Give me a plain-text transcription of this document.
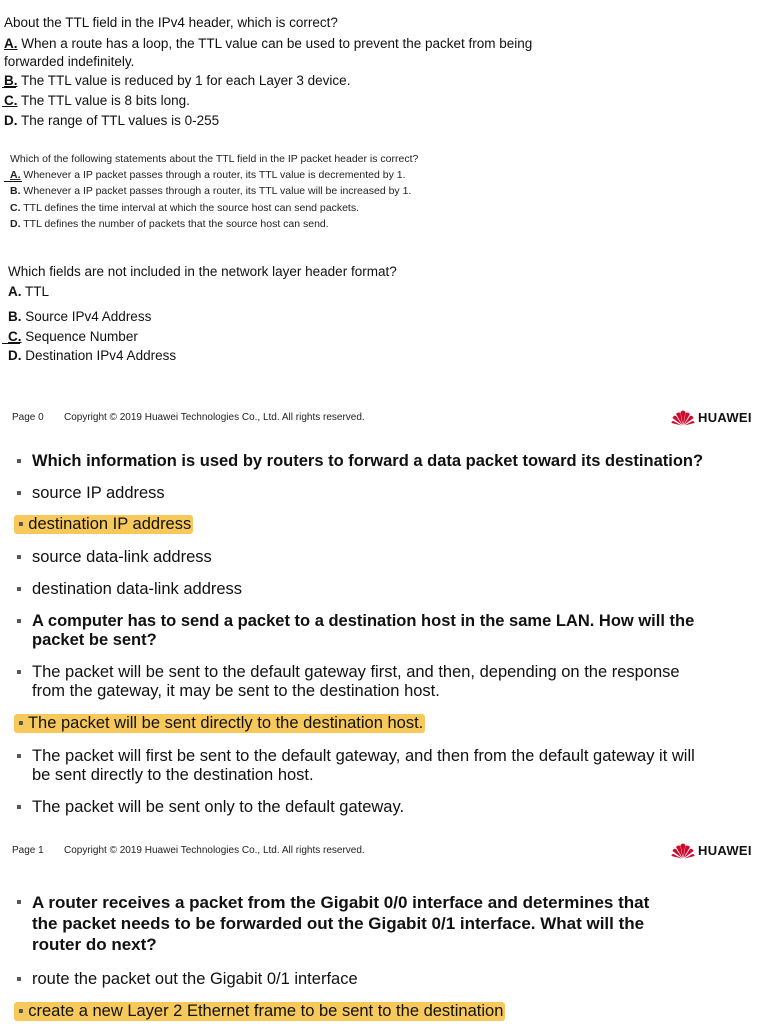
About the TTL field in the IPv4 header, which is correct?
A. When a route has a loop, the TTL value can be used to prevent the packet from being
forwarded indefinitely.
B. The TTL value is reduced by 1 for each Layer 3 device.
C. The TTL value is 8 bits long.
D. The range of TTL values is 0-255
Which of the following statements about the TTL field in the IP packet header is correct?
A. Whenever a IP packet passes through a router, its TTL value is decremented by 1.
B. Whenever a IP packet passes through a router, its TTL value will be increased by 1.
C. TTL defines the time interval at which the source host can send packets.
D. TTL defines the number of packets that the source host can send.
Which fields are not included in the network layer header format?
A. TTL
B. Source IPv4 Address
C. Sequence Number
D. Destination IPv4 Address
Page 0 Copyright © 2019 Huawei Technologies Co., Ltd. All rights reserved.	HUAWEI
▪ Which information is used by routers to forward a data packet toward its destination?
▪ source IP address
▪ destination IP address
▪ source data-link address
▪ destination data-link address
▪ A computer has to send a packet to a destination host in the same LAN. How will the
packet be sent?
▪ The packet will be sent to the default gateway first, and then, depending on the response
from the gateway, it may be sent to the destination host.
▪ The packet will be sent directly to the destination host.
▪ The packet will first be sent to the default gateway, and then from the default gateway it will
be sent directly to the destination host.
▪ The packet will be sent only to the default gateway.
Page 1 Copyright © 2019 Huawei Technologies Co., Ltd. All rights reserved.	HUAWEI
▪ A router receives a packet from the Gigabit 0/0 interface and determines that
the packet needs to be forwarded out the Gigabit 0/1 interface. What will the
router do next?
▪ route the packet out the Gigabit 0/1 interface
▪ create a new Layer 2 Ethernet frame to be sent to the destination
